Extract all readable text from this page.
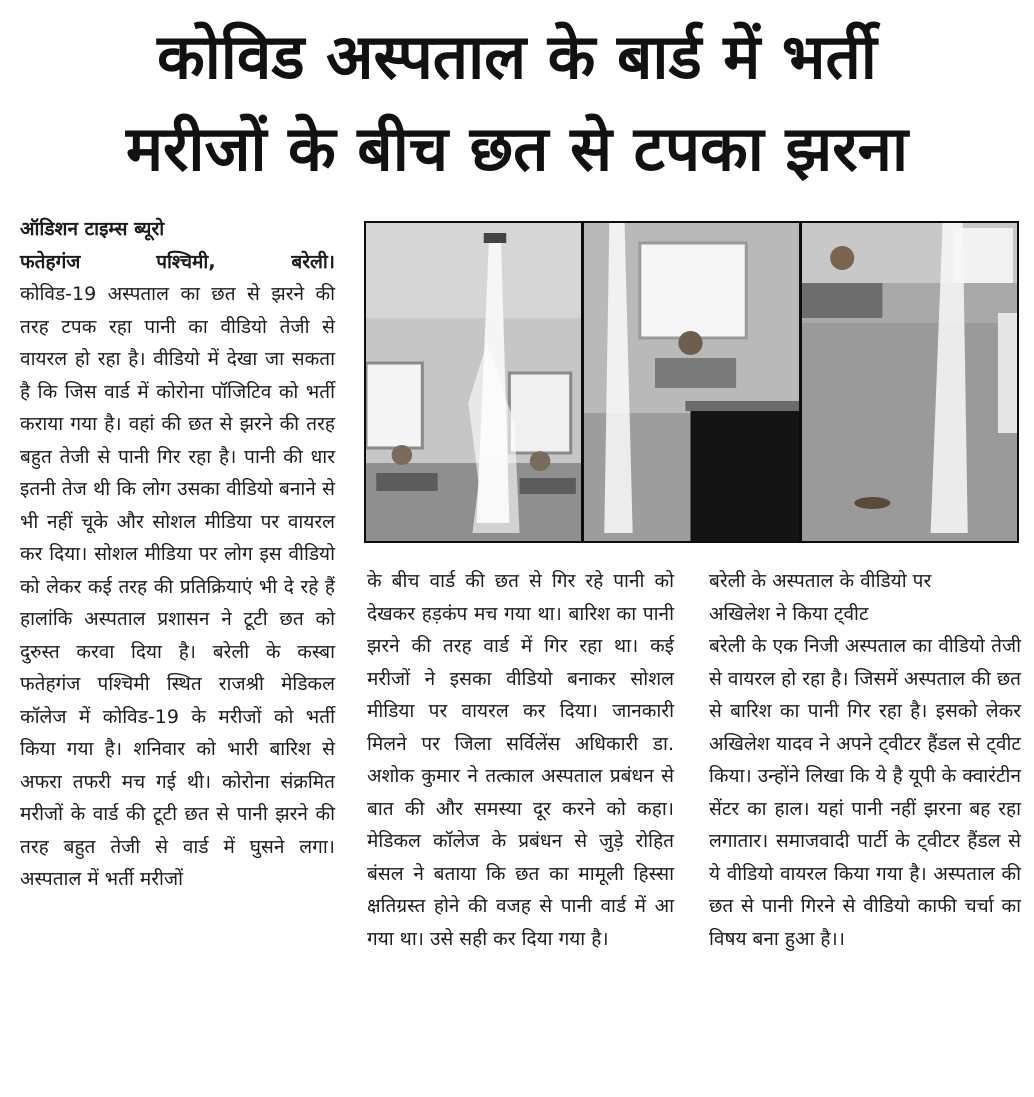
कोविड अस्पताल के बार्ड में भर्ती
मरीजों के बीच छत से टपका झरना

ऑडिशन टाइम्स ब्यूरो

फतेहगंज पश्चिमी, बरेली।

कोविड-19 अस्पताल का छत से झरने की तरह टपक रहा पानी का वीडियो तेजी से वायरल हो रहा है। वीडियो में देखा जा सकता है कि जिस वार्ड में कोरोना पॉजिटिव को भर्ती कराया गया है। वहां की छत से झरने की तरह बहुत तेजी से पानी गिर रहा है। पानी की धार इतनी तेज थी कि लोग उसका वीडियो बनाने से भी नहीं चूके और सोशल मीडिया पर वायरल कर दिया। सोशल मीडिया पर लोग इस वीडियो को लेकर कई तरह की प्रतिक्रियाएं भी दे रहे हैं हालांकि अस्पताल प्रशासन ने टूटी छत को दुरुस्त करवा दिया है। बरेली के कस्बा फतेहगंज पश्चिमी स्थित राजश्री मेडिकल कॉलेज में कोविड-19 के मरीजों को भर्ती किया गया है। शनिवार को भारी बारिश से अफरा तफरी मच गई थी। कोरोना संक्रमित मरीजों के वार्ड की टूटी छत से पानी झरने की तरह बहुत तेजी से वार्ड में घुसने लगा। अस्पताल में भर्ती मरीजों

के बीच वार्ड की छत से गिर रहे पानी को देखकर हड़कंप मच गया था। बारिश का पानी झरने की तरह वार्ड में गिर रहा था। कई मरीजों ने इसका वीडियो बनाकर सोशल मीडिया पर वायरल कर दिया। जानकारी मिलने पर जिला सर्विलेंस अधिकारी डा. अशोक कुमार ने तत्काल अस्पताल प्रबंधन से बात की और समस्या दूर करने को कहा। मेडिकल कॉलेज के प्रबंधन से जुड़े रोहित बंसल ने बताया कि छत का मामूली हिस्सा क्षतिग्रस्त होने की वजह से पानी वार्ड में आ गया था। उसे सही कर दिया गया है।

बरेली के अस्पताल के वीडियो पर

अखिलेश ने किया ट्वीट

बरेली के एक निजी अस्पताल का वीडियो तेजी से वायरल हो रहा है। जिसमें अस्पताल की छत से बारिश का पानी गिर रहा है। इसको लेकर अखिलेश यादव ने अपने ट्वीटर हैंडल से ट्वीट किया। उन्होंने लिखा कि ये है यूपी के क्वारंटीन सेंटर का हाल। यहां पानी नहीं झरना बह रहा लगातार। समाजवादी पार्टी के ट्वीटर हैंडल से ये वीडियो वायरल किया गया है। अस्पताल की छत से पानी गिरने से वीडियो काफी चर्चा का विषय बना हुआ है।।
